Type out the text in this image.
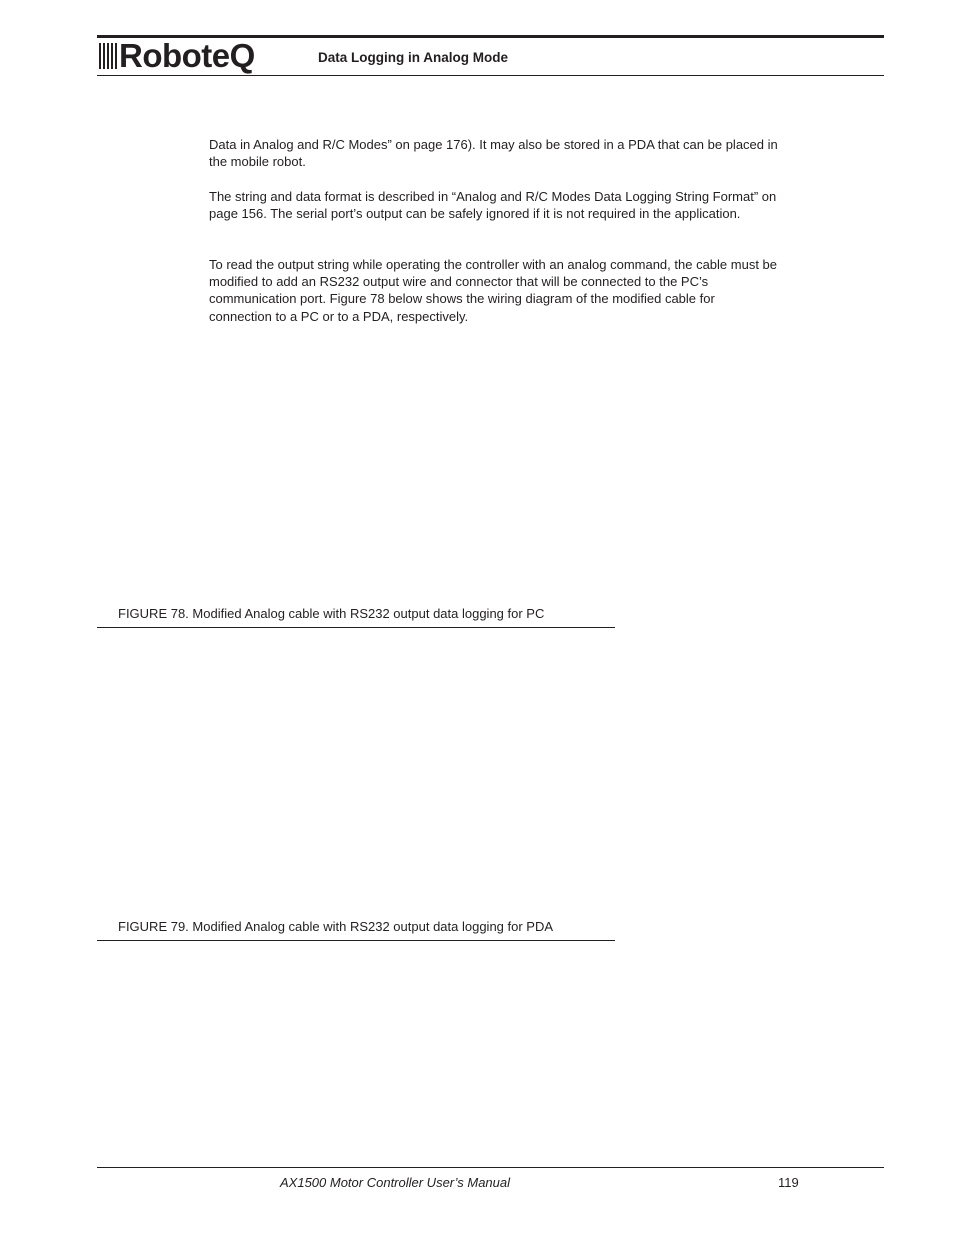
RoboteQ	Data Logging in Analog Mode

Data in Analog and R/C Modes” on page 176). It may also be stored in a PDA that can be placed in the mobile robot.

The string and data format is described in “Analog and R/C Modes Data Logging String Format” on page 156. The serial port’s output can be safely ignored if it is not required in the application.

To read the output string while operating the controller with an analog command, the cable must be modified to add an RS232 output wire and connector that will be connected to the PC’s communication port. Figure 78 below shows the wiring diagram of the modified cable for connection to a PC or to a PDA, respectively.

DB9 Female
To PC
DB15 Male
To Controller
1
2
3
4
5
6
7
8
9
1
2
3
4
5
6
7
8
9
10
11
12
13
14
15
RX Data
GND
RS232 Data Out
Ana Ch2
Ana Ch1
GND
+5V
FIGURE 78. Modified Analog cable with RS232 output data logging for PC
DB9 Male
To PDA
DB15 Male
To AX2500
1
2
3
4
5
6
7
8
9
1
2
3
4
5
6
7
8
9
10
11
12
13
14
15
RX Data
GND
RS232 Data Out
Ana Ch2
Ana Ch1
GND
+5V
FIGURE 79. Modified Analog cable with RS232 output data logging for PDA
AX1500 Motor Controller User’s Manual	119
